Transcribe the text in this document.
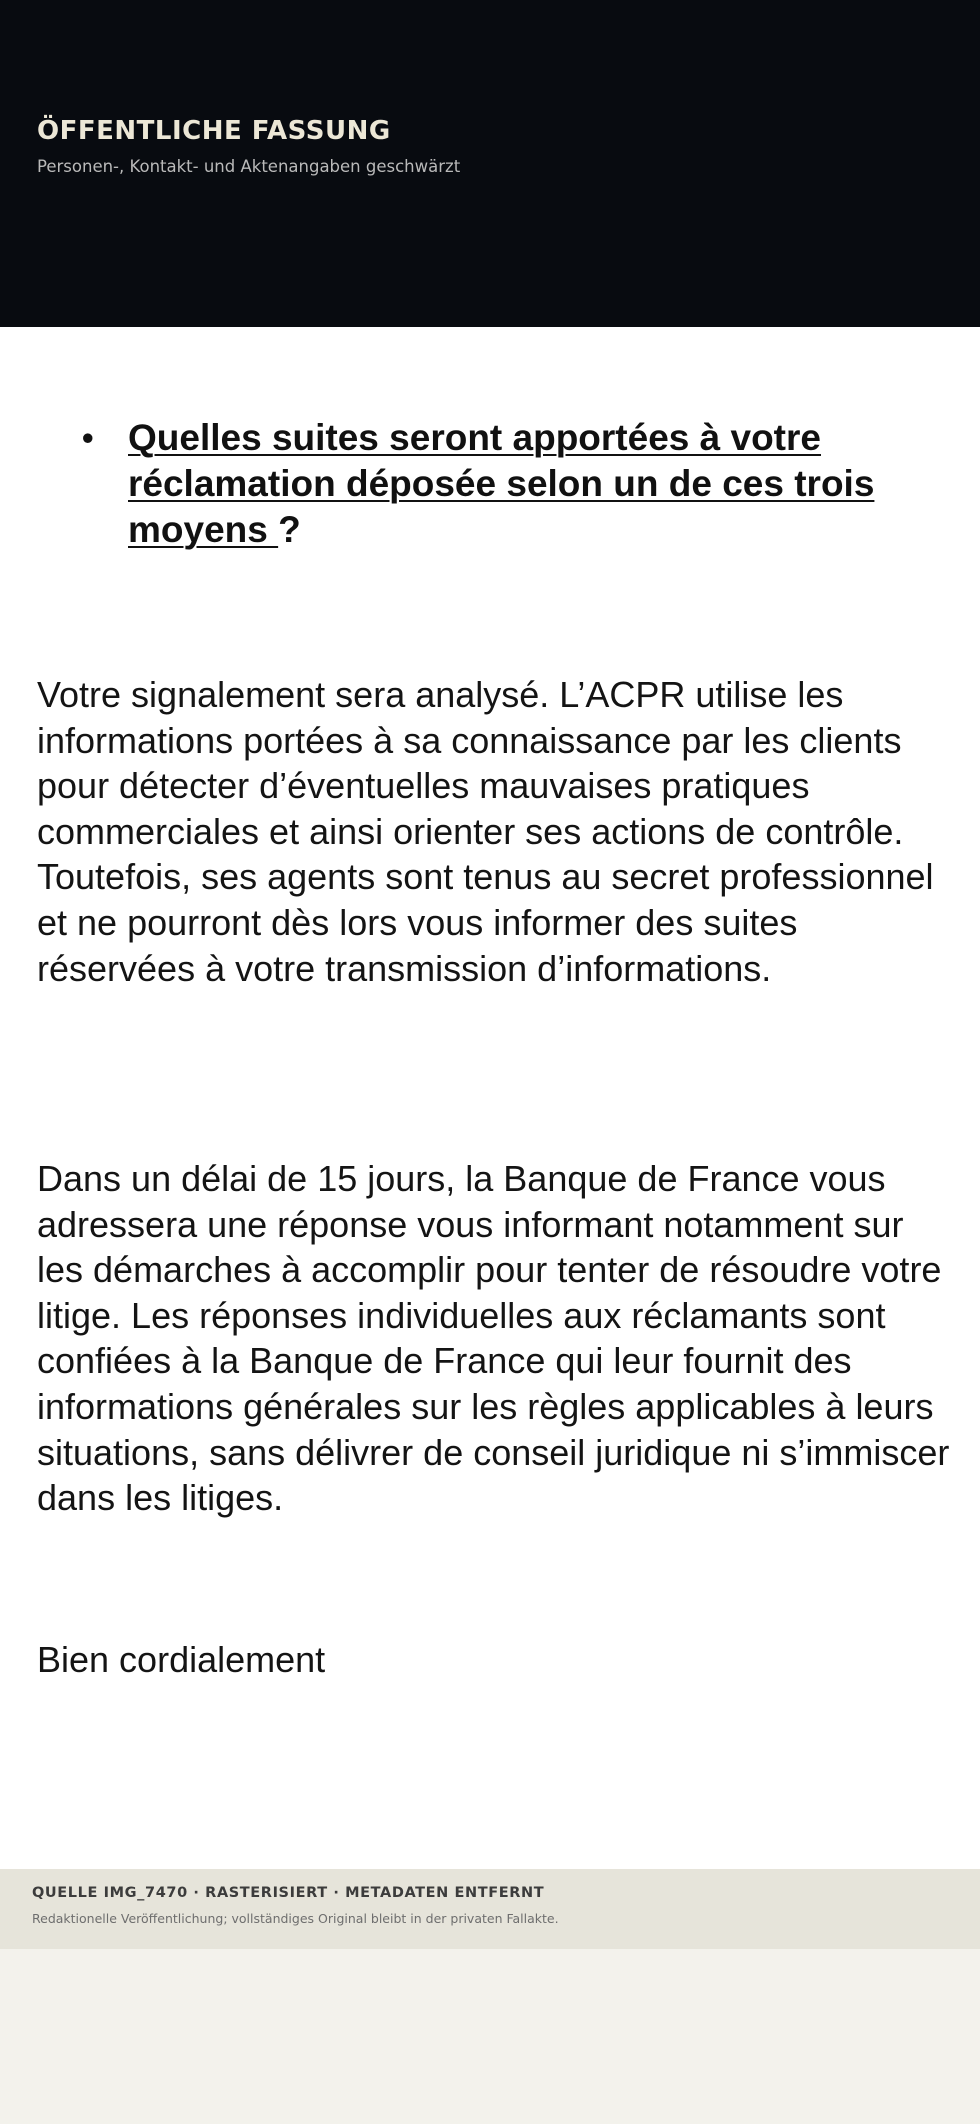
ÖFFENTLICHE FASSUNG

Personen-, Kontakt- und Aktenangaben geschwärzt

• Quelles suites seront apportées à votre réclamation déposée selon un de ces trois moyens ?

Votre signalement sera analysé. L’ACPR utilise les informations portées à sa connaissance par les clients pour détecter d’éventuelles mauvaises pratiques commerciales et ainsi orienter ses actions de contrôle. Toutefois, ses agents sont tenus au secret professionnel et ne pourront dès lors vous informer des suites réservées à votre transmission d’informations.

Dans un délai de 15 jours, la Banque de France vous adressera une réponse vous informant notamment sur les démarches à accomplir pour tenter de résoudre votre litige. Les réponses individuelles aux réclamants sont confiées à la Banque de France qui leur fournit des informations générales sur les règles applicables à leurs situations, sans délivrer de conseil juridique ni s’immiscer dans les litiges.

Bien cordialement

QUELLE IMG_7470 · RASTERISIERT · METADATEN ENTFERNT

Redaktionelle Veröffentlichung; vollständiges Original bleibt in der privaten Fallakte.
